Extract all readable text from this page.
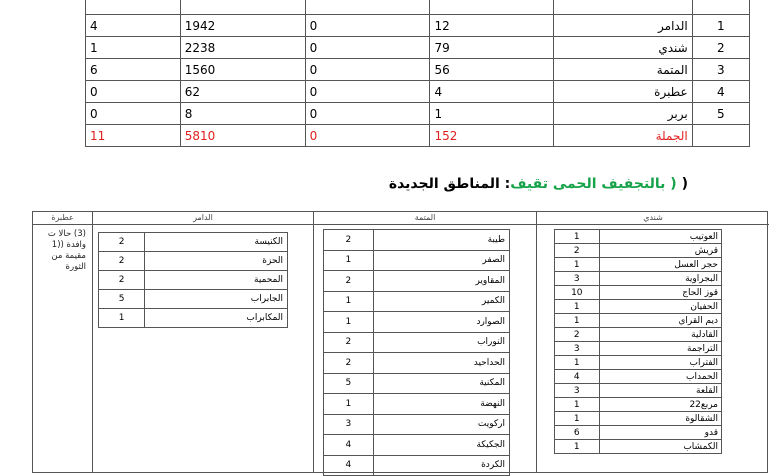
4	1942	0	12	الدامر	1
1	2238	0	79	شندي	2
6	1560	0	56	المتمة	3
0	62	0	4	عطبرة	4
0	8	0	1	بربر	5
11	5810	0	152	الجملة	
( ( بالتجفيف الحمى تقيف: المناطق الجديدة
عطبرة
(3) حالا ت وافدة ((1 مقيمة من الثورة
الدامر
2	الكنيسة
2	الحزة
2	المحمية
5	الجابراب
1	المكابراب
المتمة
2	طيبة
1	الصفر
2	المقاوير
1	الكمير
1	الصوارد
2	النوراب
2	الحداحيد
5	المكنية
1	النهضة
3	اركويت
4	الجكيكة
4	الكردة
شندي
1	العوتيب
2	قريش
1	حجر العسل
3	البجراوية
10	قوز الحاج
1	الحفيان
1	ديم القراي
2	القادلية
3	التراجمة
1	الفتراب
4	الحمداب
3	القلعة
1	مربع22
1	الشقالوة
6	قدو
1	الكمشاب
